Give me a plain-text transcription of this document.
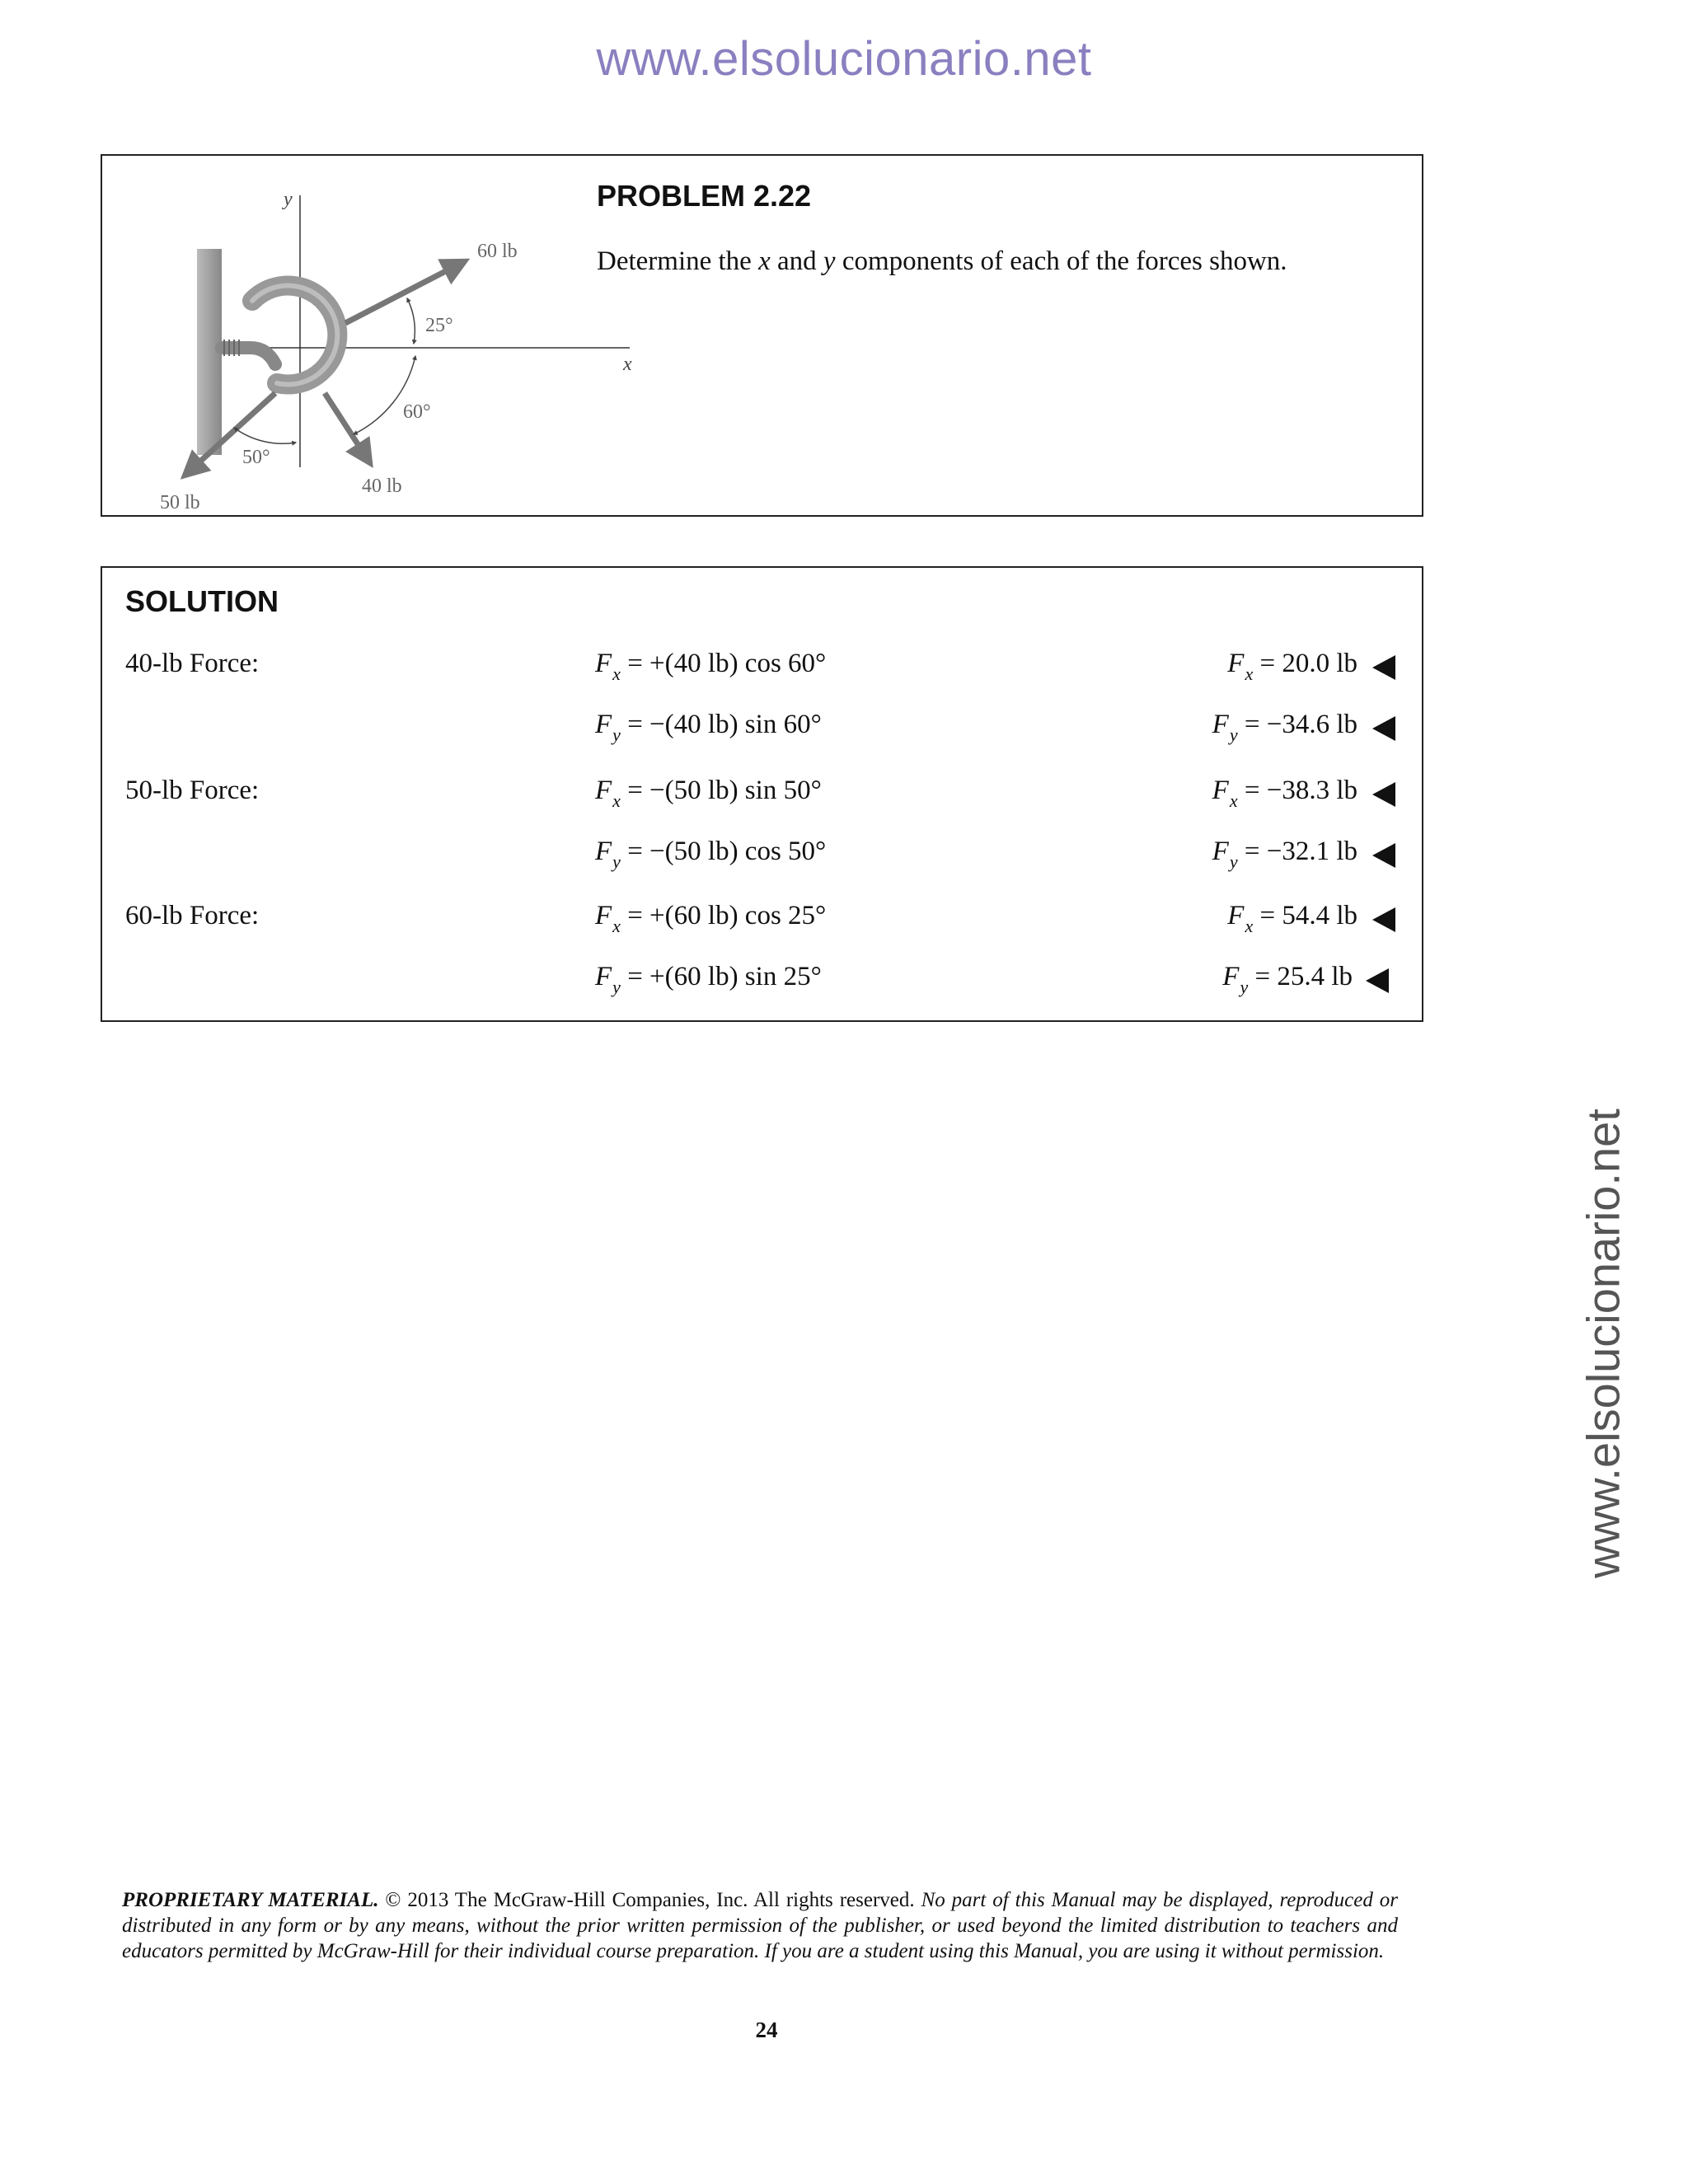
www.elsolucionario.net
www.elsolucionario.net
y
x
60 lb
40 lb
50 lb
25°
60°
50°
PROBLEM 2.22
Determine the x and y components of each of the forces shown.
SOLUTION
40-lb Force:	$F_x = +(40$ lb) cos 60°	$F_x = 20.0$ lb
$F_y = -(40$ lb) sin 60°	$F_y = -34.6$ lb
50-lb Force:	$F_x = -(50$ lb) sin 50°	$F_x = -38.3$ lb
$F_y = -(50$ lb) cos 50°	$F_y = -32.1$ lb
60-lb Force:	$F_x = +(60$ lb) cos 25°	$F_x = 54.4$ lb
$F_y = +(60$ lb) sin 25°	$F_y = 25.4$ lb
PROPRIETARY MATERIAL. © 2013 The McGraw-Hill Companies, Inc. All rights reserved. No part of this Manual may be displayed, reproduced or distributed in any form or by any means, without the prior written permission of the publisher, or used beyond the limited distribution to teachers and educators permitted by McGraw-Hill for their individual course preparation. If you are a student using this Manual, you are using it without permission.
24
